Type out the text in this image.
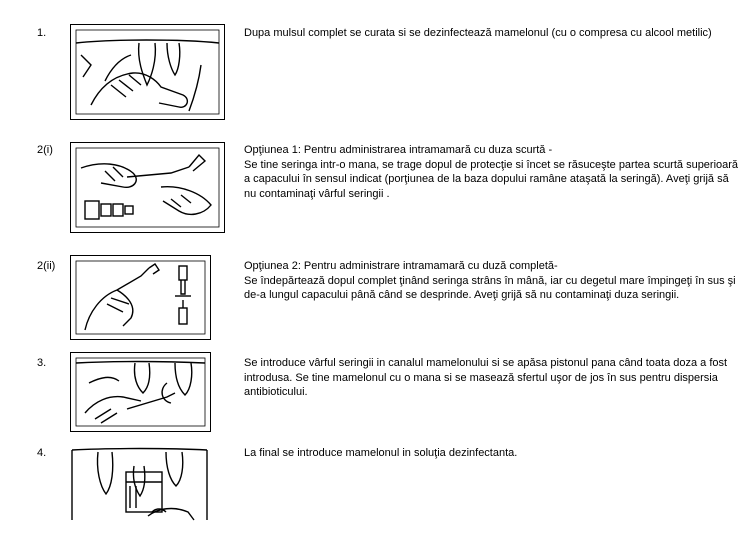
1.	Dupa mulsul complet se curata si se dezinfectează mamelonul (cu o compresa cu alcool metilic)
2(i)	Opţiunea 1: Pentru administrarea intramamară cu duza scurtă -
Se tine seringa intr-o mana, se trage dopul de protecţie si încet se răsuceşte partea scurtă superioară a capacului în sensul indicat (porţiunea de la baza dopului ramâne ataşată la seringă). Aveţi grijă să nu contaminaţi vârful seringii .
2(ii)	Opţiunea 2: Pentru administrare intramamară cu duză completă-
Se îndepărtează dopul complet ţinând seringa strâns în mână, iar cu degetul mare împingeţi în sus şi de-a lungul capacului până când se desprinde. Aveţi grijă să nu contaminaţi duza seringii.
3.	Se introduce vârful seringii in canalul mamelonului si se apăsa pistonul pana când toata doza a fost introdusa. Se tine mamelonul cu o mana si se masează sfertul uşor de jos în sus pentru dispersia antibioticului.
4.	La final se introduce mamelonul in soluţia dezinfectanta.
